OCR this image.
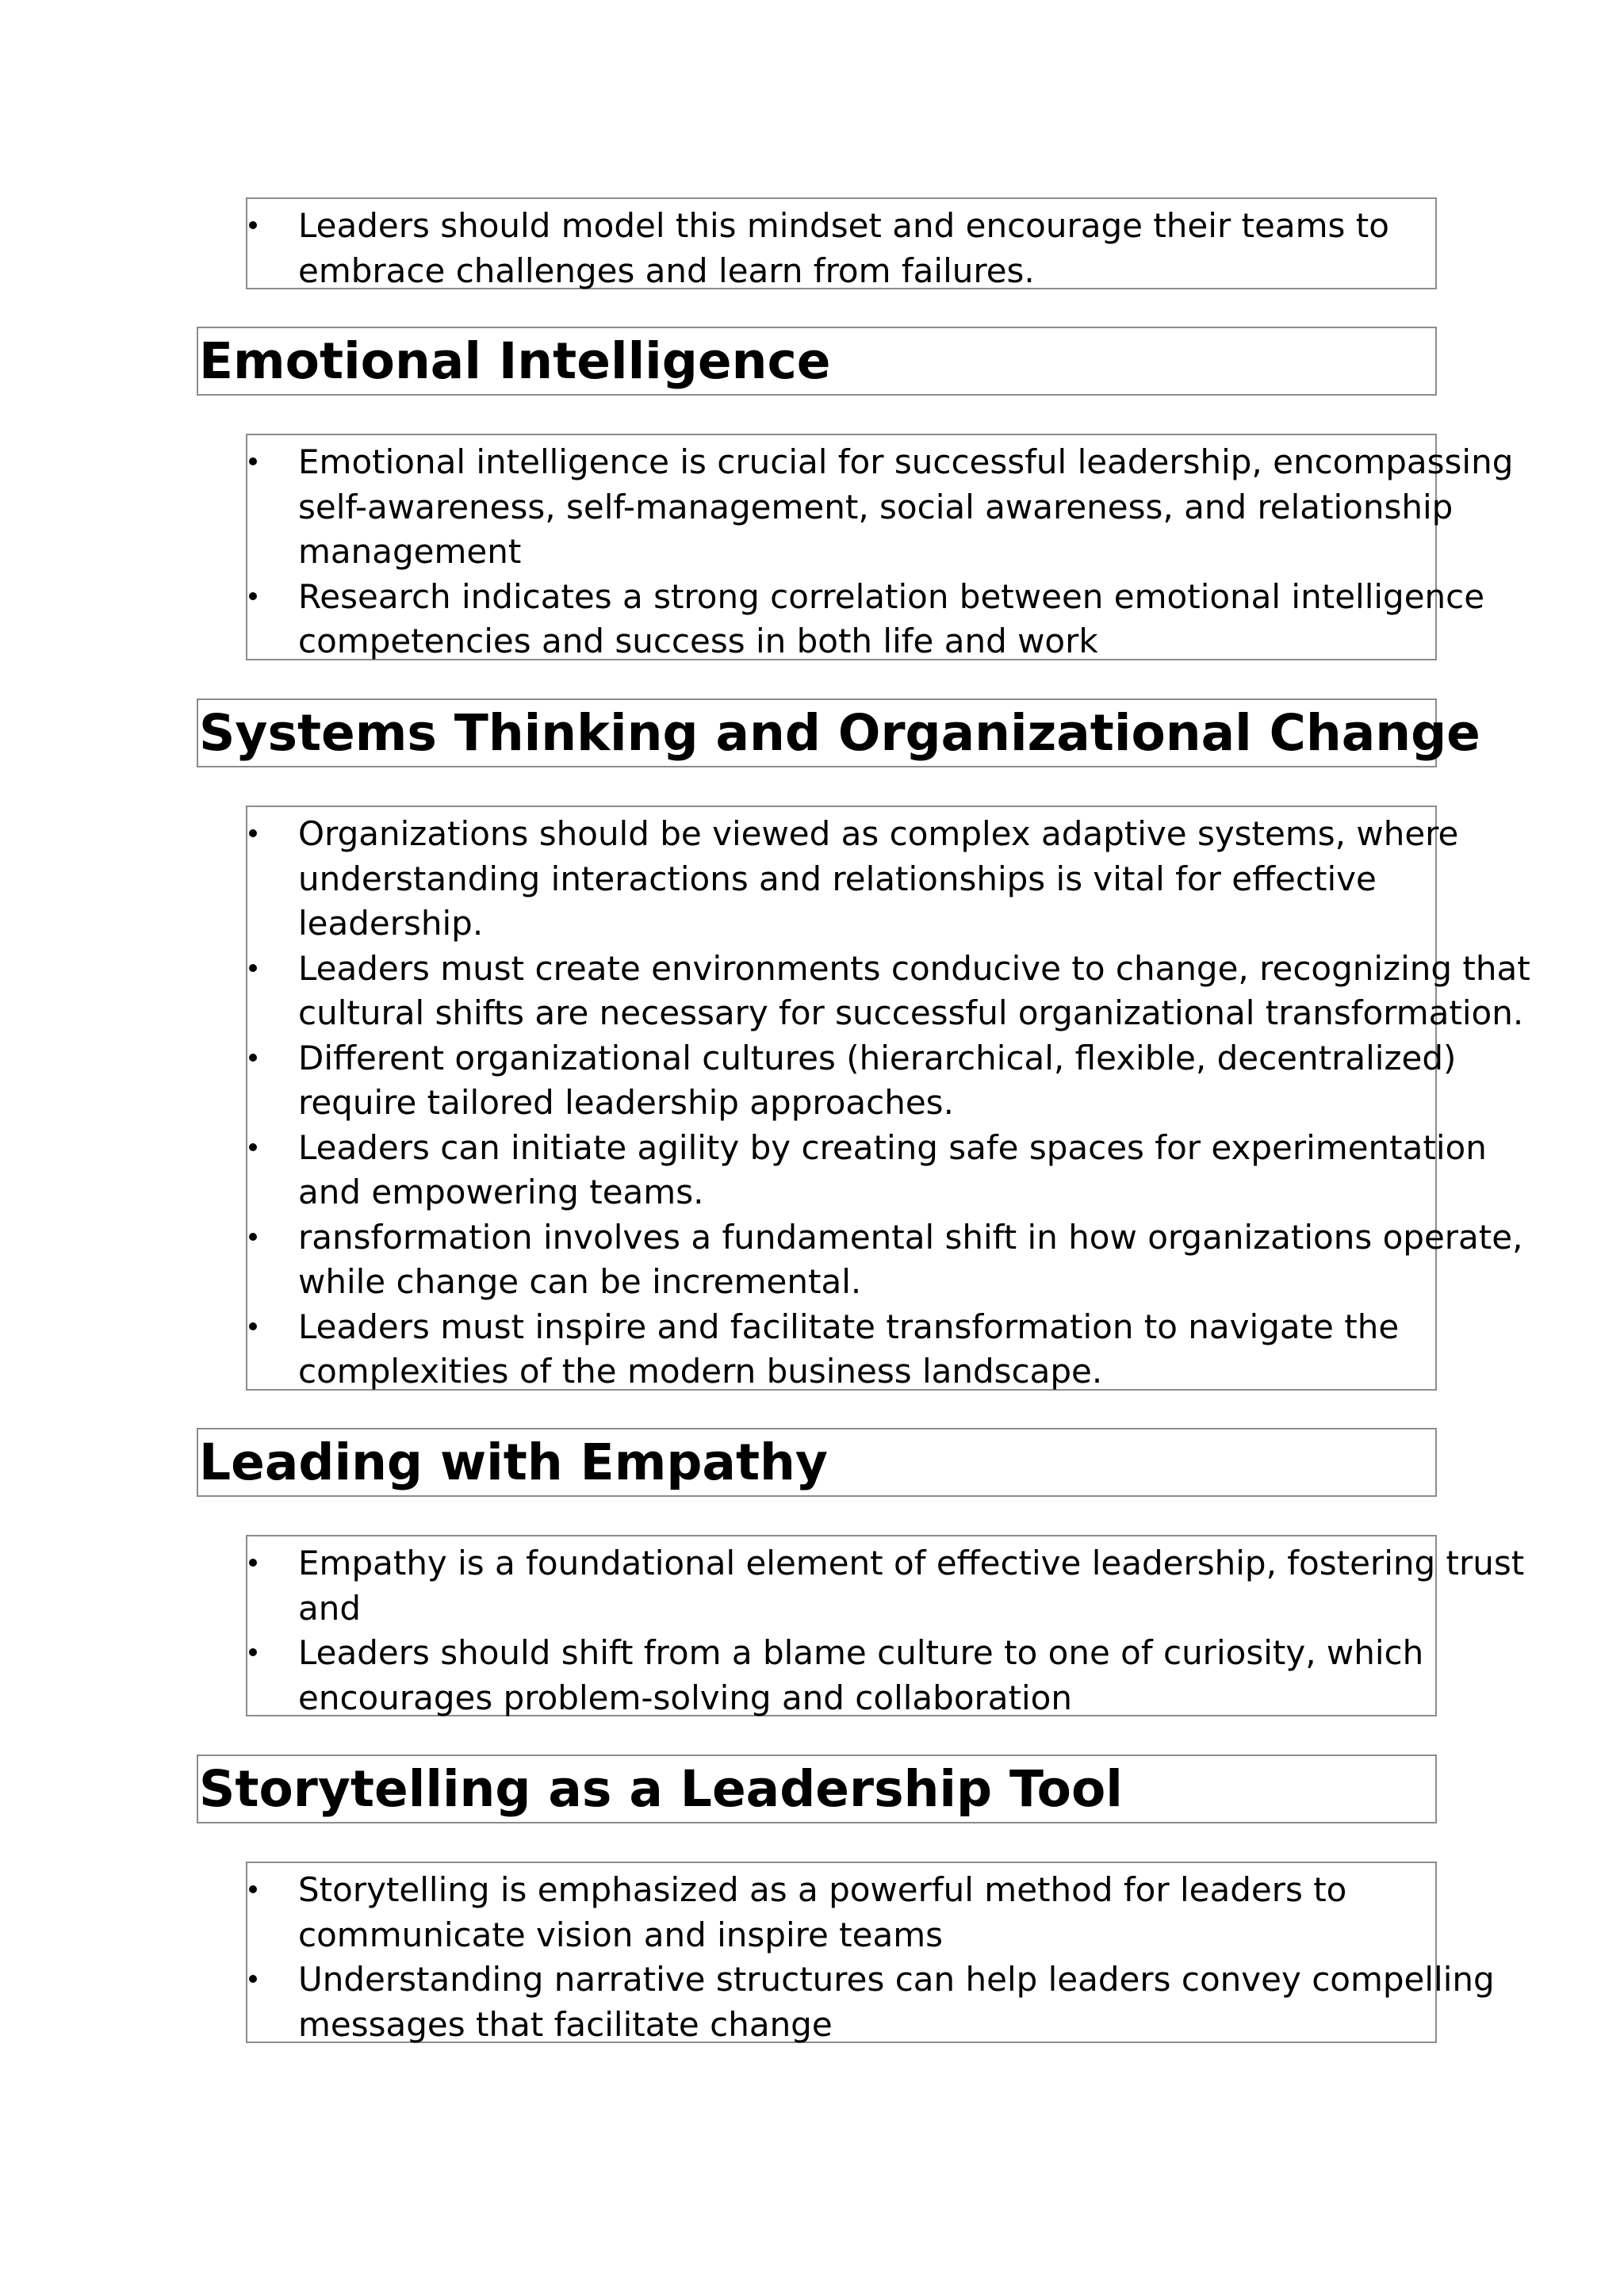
Leaders should model this mindset and encourage their teams to
embrace challenges and learn from failures.
Emotional Intelligence
Emotional intelligence is crucial for successful leadership, encompassing
self-awareness, self-management, social awareness, and relationship
management
Research indicates a strong correlation between emotional intelligence
competencies and success in both life and work
Systems Thinking and Organizational Change
Organizations should be viewed as complex adaptive systems, where
understanding interactions and relationships is vital for effective
leadership.
Leaders must create environments conducive to change, recognizing that
cultural shifts are necessary for successful organizational transformation.
Different organizational cultures (hierarchical, flexible, decentralized)
require tailored leadership approaches.
Leaders can initiate agility by creating safe spaces for experimentation
and empowering teams.
ransformation involves a fundamental shift in how organizations operate,
while change can be incremental.
Leaders must inspire and facilitate transformation to navigate the
complexities of the modern business landscape.
Leading with Empathy
Empathy is a foundational element of effective leadership, fostering trust
and
Leaders should shift from a blame culture to one of curiosity, which
encourages problem-solving and collaboration
Storytelling as a Leadership Tool
Storytelling is emphasized as a powerful method for leaders to
communicate vision and inspire teams
Understanding narrative structures can help leaders convey compelling
messages that facilitate change
